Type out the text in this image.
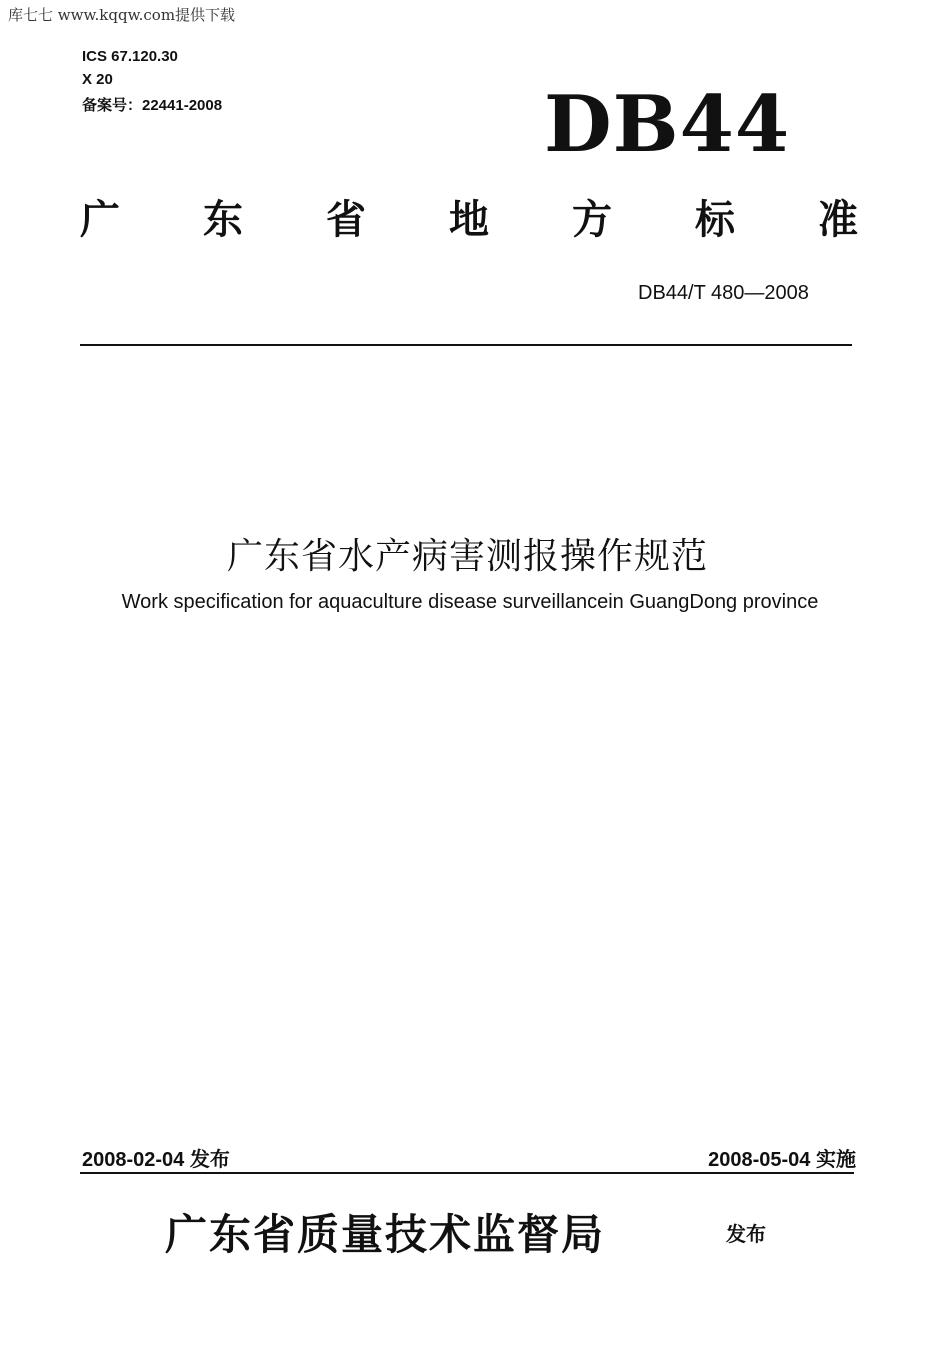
库七七 www.kqqw.com提供下载
ICS 67.120.30
X 20
备案号：22441-2008	DB44
广 东 省 地 方 标 准
DB44/T 480—2008
广东省水产病害测报操作规范
Work specification for aquaculture disease surveillancein GuangDong province
2008-02-04 发布	2008-05-04 实施
广东省质量技术监督局	发布
